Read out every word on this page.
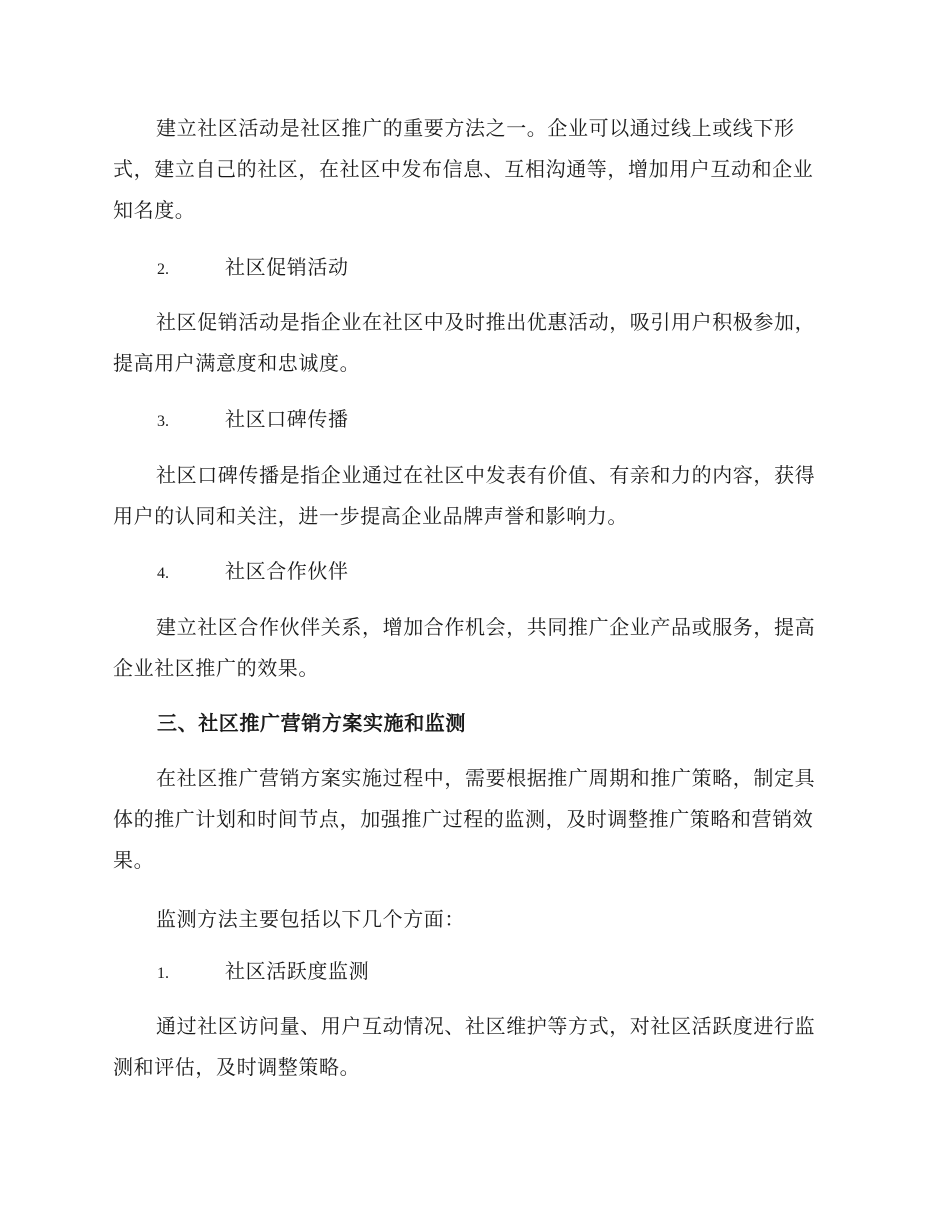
建立社区活动是社区推广的重要方法之一。企业可以通过线上或线下形式，建立自己的社区，在社区中发布信息、互相沟通等，增加用户互动和企业知名度。

2.	社区促销活动

社区促销活动是指企业在社区中及时推出优惠活动，吸引用户积极参加，提高用户满意度和忠诚度。

3.	社区口碑传播

社区口碑传播是指企业通过在社区中发表有价值、有亲和力的内容，获得用户的认同和关注，进一步提高企业品牌声誉和影响力。

4.	社区合作伙伴

建立社区合作伙伴关系，增加合作机会，共同推广企业产品或服务，提高企业社区推广的效果。

三、社区推广营销方案实施和监测

在社区推广营销方案实施过程中，需要根据推广周期和推广策略，制定具体的推广计划和时间节点，加强推广过程的监测，及时调整推广策略和营销效果。

监测方法主要包括以下几个方面：

1.	社区活跃度监测

通过社区访问量、用户互动情况、社区维护等方式，对社区活跃度进行监测和评估，及时调整策略。
